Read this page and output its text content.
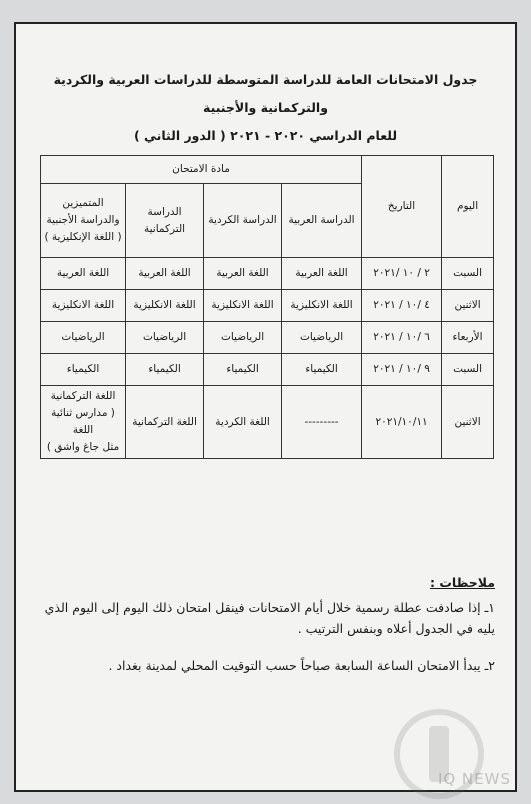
جدول الامتحانات العامة للدراسة المتوسطة للدراسات العربية والكردية والتركمانية والأجنبية
للعام الدراسي ٢٠٢٠ - ٢٠٢١ ( الدور الثاني )
اليوم	التاريخ	مادة الامتحان			
		الدراسة العربية	الدراسة الكردية	الدراسة التركمانية	المتميزين
والدراسة الأجنبية
( اللغة الإنكليزية )

السبت	٢ / ١٠ /٢٠٢١	اللغة العربية	اللغة العربية	اللغة العربية	اللغة العربية
الاثنين	٤ /١٠ / ٢٠٢١	اللغة الانكليزية	اللغة الانكليزية	اللغة الانكليزية	اللغة الانكليزية
الأربعاء	٦ /١٠ / ٢٠٢١	الرياضيات	الرياضيات	الرياضيات	الرياضيات
السبت	٩ /١٠ / ٢٠٢١	الكيمياء	الكيمياء	الكيمياء	الكيمياء
الاثنين	٢٠٢١/١٠/١١	---------	اللغة الكردية	اللغة التركمانية	اللغة التركمانية
( مدارس ثنائية اللغة
مثل جاغ واشق )
ملاحظات :
١ـ إذا صادفت عطلة رسمية خلال أيام الامتحانات فينقل امتحان ذلك اليوم إلى اليوم الذي يليه في الجدول أعلاه وبنفس الترتيب .
٢ـ يبدأ الامتحان الساعة السابعة صباحاً حسب التوقيت المحلي لمدينة بغداد .
IQ NEWS
